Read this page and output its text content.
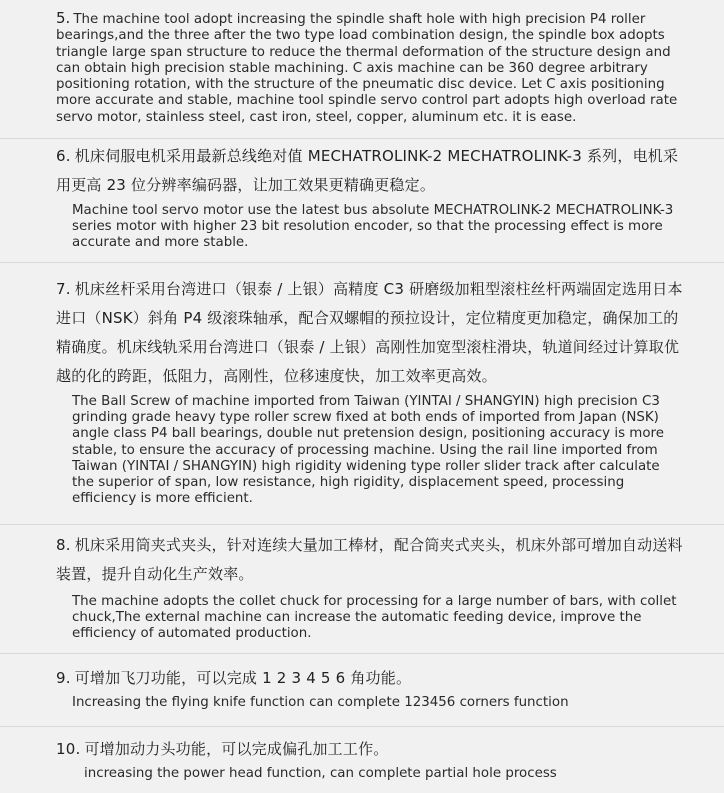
5. The machine tool adopt increasing the spindle shaft hole with high precision P4 roller bearings,and the three after the two type load combination design, the spindle box adopts triangle large span structure to reduce the thermal deformation of the structure design and can obtain high precision stable machining. C axis machine can be 360 degree arbitrary positioning rotation, with the structure of the pneumatic disc device. Let C axis positioning more accurate and stable, machine tool spindle servo control part adopts high overload rate servo motor, stainless steel, cast iron, steel, copper, aluminum etc. it is ease.
6. 机床伺服电机采用最新总线绝对值 MECHATROLINK-2 MECHATROLINK-3 系列，电机采用更高 23 位分辨率编码器，让加工效果更精确更稳定。
Machine tool servo motor use the latest bus absolute MECHATROLINK-2 MECHATROLINK-3 series motor with higher 23 bit resolution encoder, so that the processing effect is more accurate and more stable.
7. 机床丝杆采用台湾进口（银泰 / 上银）高精度 C3 研磨级加粗型滚柱丝杆两端固定选用日本进口（NSK）斜角 P4 级滚珠轴承，配合双螺帽的预拉设计，定位精度更加稳定，确保加工的精确度。机床线轨采用台湾进口（银泰 / 上银）高刚性加宽型滚柱滑块，轨道间经过计算取优越的化的跨距，低阻力，高刚性，位移速度快，加工效率更高效。
The Ball Screw of machine imported from Taiwan (YINTAI / SHANGYIN) high precision C3 grinding grade heavy type roller screw fixed at both ends of imported from Japan (NSK) angle class P4 ball bearings, double nut pretension design, positioning accuracy is more stable, to ensure the accuracy of processing machine. Using the rail line imported from Taiwan (YINTAI / SHANGYIN) high rigidity widening type roller slider track after calculate the superior of span, low resistance, high rigidity, displacement speed, processing efficiency is more efficient.
8. 机床采用筒夹式夹头，针对连续大量加工棒材，配合筒夹式夹头，机床外部可增加自动送料装置，提升自动化生产效率。
The machine adopts the collet chuck for processing for a large number of bars, with collet chuck,The external machine can increase the automatic feeding device, improve the efficiency of automated production.
9. 可增加飞刀功能，可以完成 1 2 3 4 5 6 角功能。
Increasing the flying knife function can complete 123456 corners function
10. 可增加动力头功能，可以完成偏孔加工工作。
increasing the power head function, can complete partial hole process
